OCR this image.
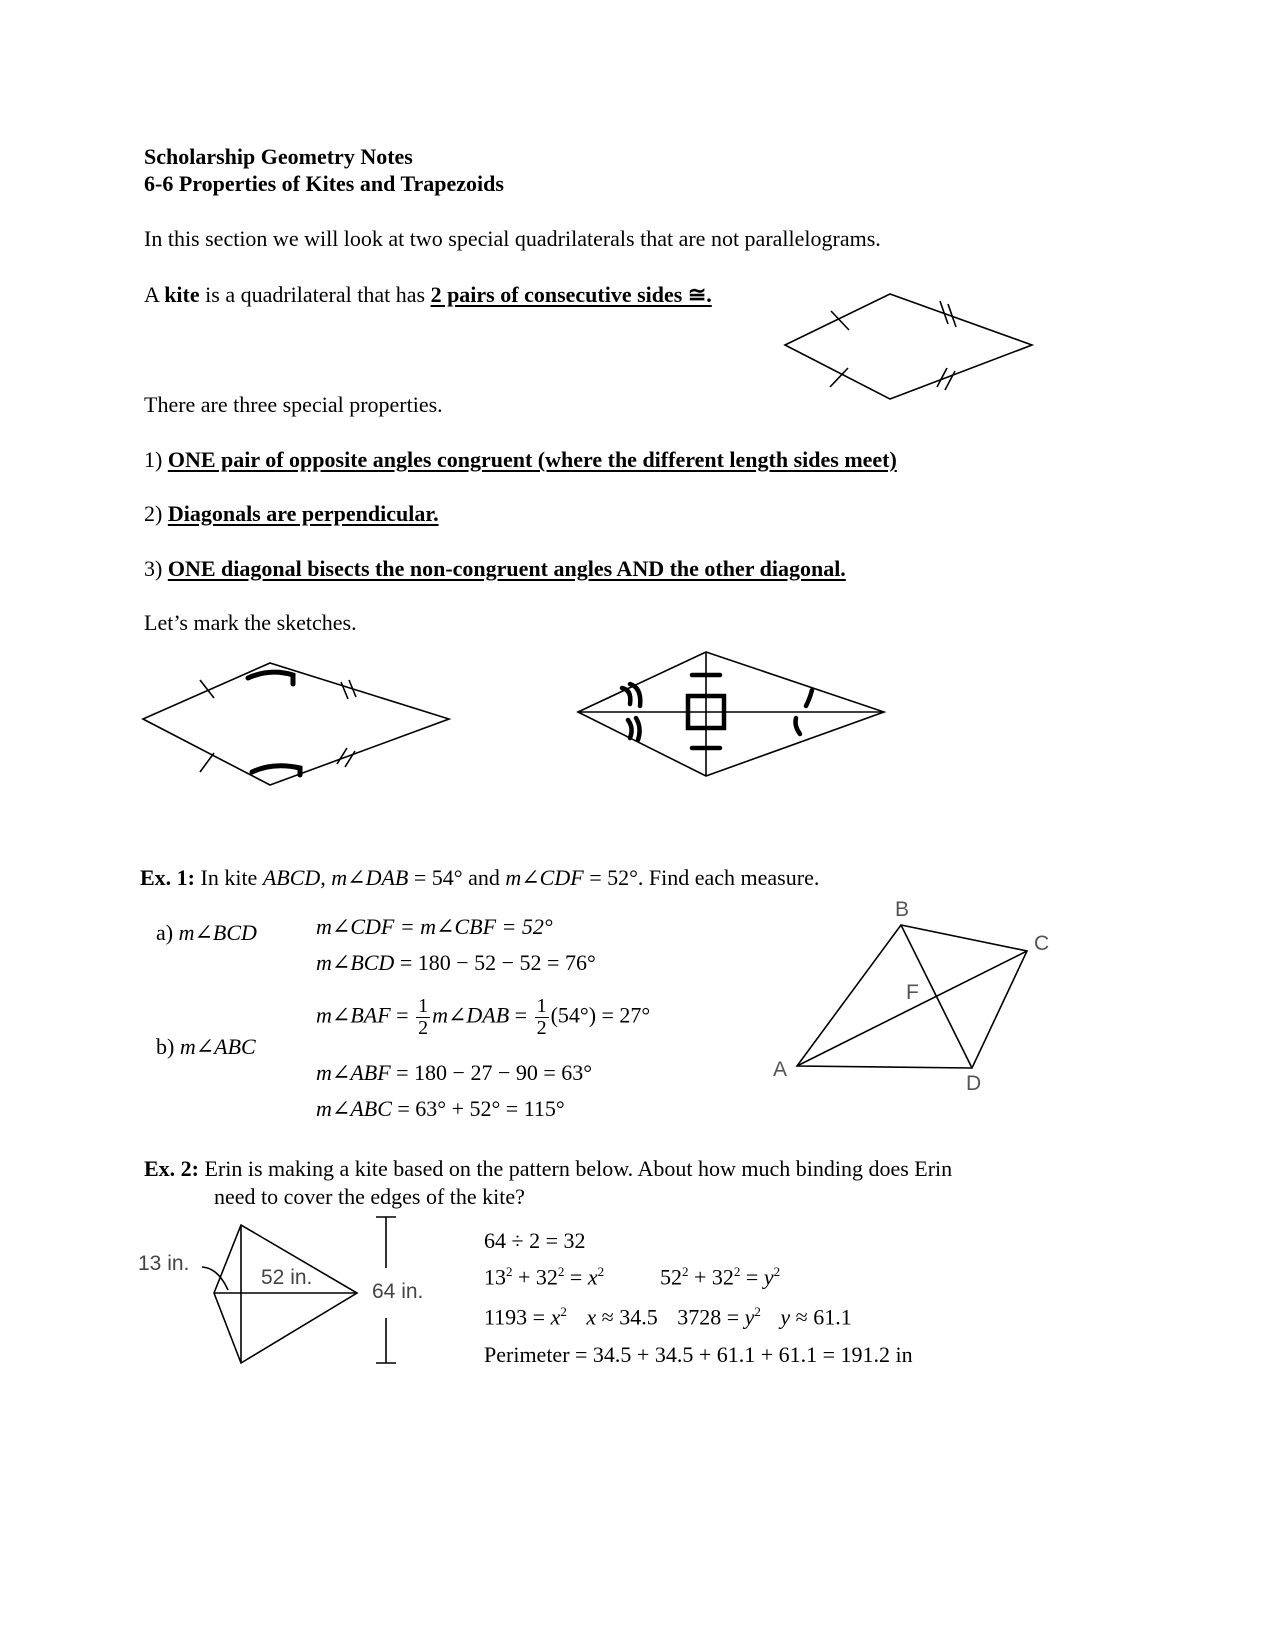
Scholarship Geometry Notes
6-6 Properties of Kites and Trapezoids
In this section we will look at two special quadrilaterals that are not parallelograms.
A kite is a quadrilateral that has 2 pairs of consecutive sides ≅.
There are three special properties.
1) ONE pair of opposite angles congruent (where the different length sides meet)
2) Diagonals are perpendicular.
3) ONE diagonal bisects the non-congruent angles AND the other diagonal.
Let’s mark the sketches.
Ex. 1: In kite ABCD, m∠DAB = 54° and m∠CDF = 52°. Find each measure.
a) m∠BCD	m∠CDF = m∠CBF = 52°
m∠BCD = 180 − 52 − 52 = 76°
b) m∠ABC
m∠BAF = $\frac{1}{2}$ m∠DAB = $\frac{1}{2} (54^\circ) = 27^\circ$
m∠ABF = 180 − 27 − 90 = 63°
m∠ABC = 63° + 52° = 115°
B
C
F
A
D
Ex. 2: Erin is making a kite based on the pattern below. About how much binding does Erin
need to cover the edges of the kite?
13 in.
52 in.
64 in.
64 ÷ 2 = 32
$13^2 + 32^2 = x^2$	$52^2 + 32^2 = y^2$
$1193 = x^2$ x ≈ 34.5 $3728 = y^2$ y ≈ 61.1
Perimeter = 34.5 + 34.5 + 61.1 + 61.1 = 191.2 in
